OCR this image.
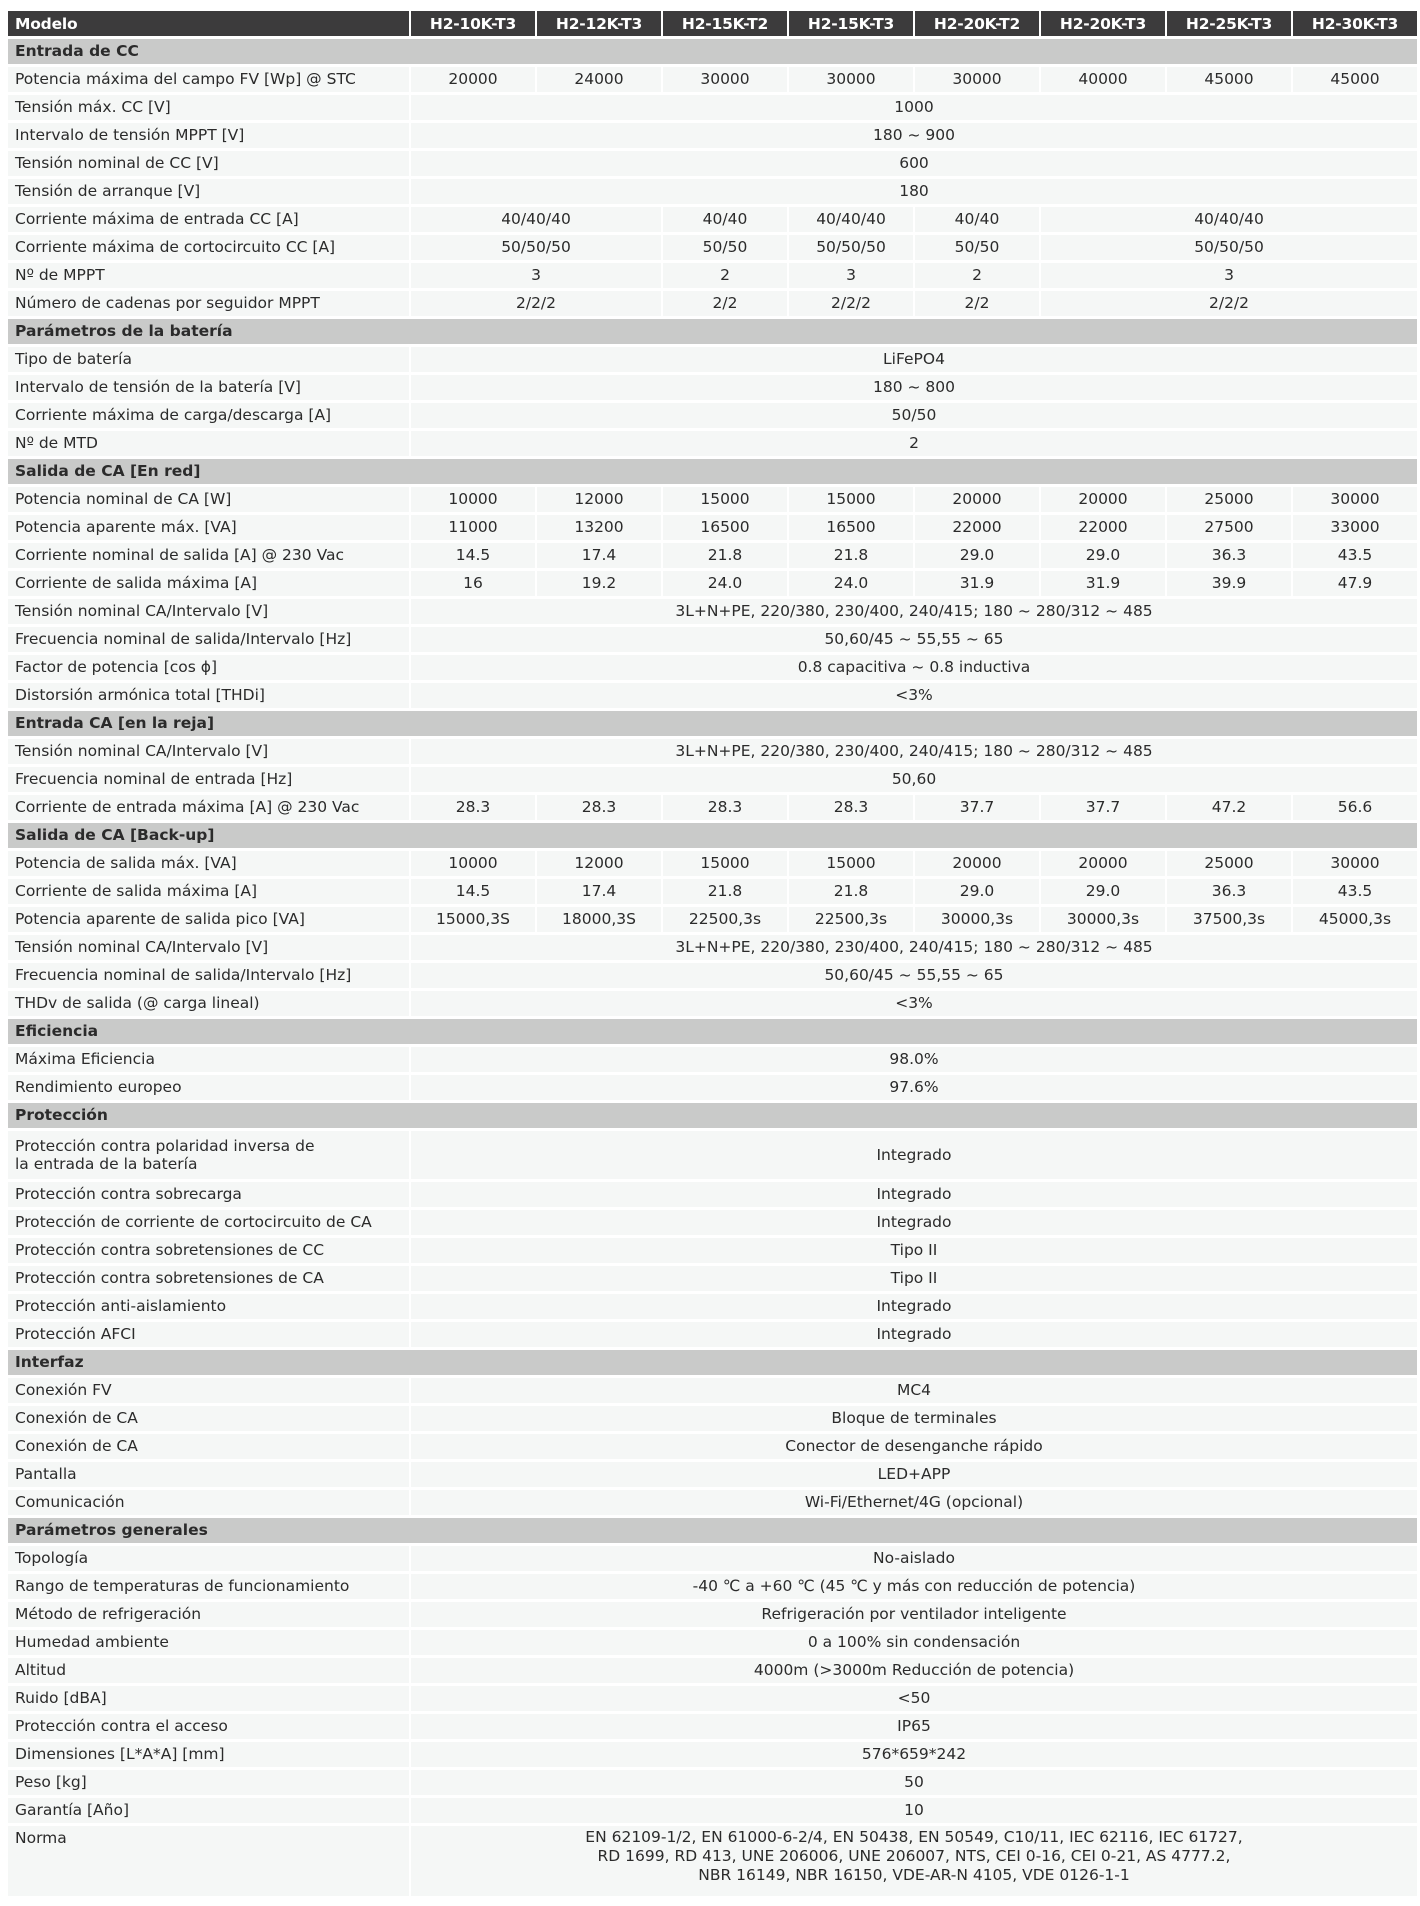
Modelo	H2-10K-T3	H2-12K-T3	H2-15K-T2	H2-15K-T3	H2-20K-T2	H2-20K-T3	H2-25K-T3	H2-30K-T3
Entrada de CC								
Potencia máxima del campo FV [Wp] @ STC	20000	24000	30000	30000	30000	40000	45000	45000
Tensión máx. CC [V]	1000							
Intervalo de tensión MPPT [V]	180 ~ 900							
Tensión nominal de CC [V]	600							
Tensión de arranque [V]	180							
Corriente máxima de entrada CC [A]	40/40/40		40/40	40/40/40	40/40	40/40/40		
Corriente máxima de cortocircuito CC [A]	50/50/50		50/50	50/50/50	50/50	50/50/50		
Nº de MPPT	3		2	3	2	3		
Número de cadenas por seguidor MPPT	2/2/2		2/2	2/2/2	2/2	2/2/2		
Parámetros de la batería								
Tipo de batería	LiFePO4							
Intervalo de tensión de la batería [V]	180 ~ 800							
Corriente máxima de carga/descarga [A]	50/50							
Nº de MTD	2							
Salida de CA [En red]								
Potencia nominal de CA [W]	10000	12000	15000	15000	20000	20000	25000	30000
Potencia aparente máx. [VA]	11000	13200	16500	16500	22000	22000	27500	33000
Corriente nominal de salida [A] @ 230 Vac	14.5	17.4	21.8	21.8	29.0	29.0	36.3	43.5
Corriente de salida máxima [A]	16	19.2	24.0	24.0	31.9	31.9	39.9	47.9
Tensión nominal CA/Intervalo [V]	3L+N+PE, 220/380, 230/400, 240/415; 180 ~ 280/312 ~ 485							
Frecuencia nominal de salida/Intervalo [Hz]	50,60/45 ~ 55,55 ~ 65							
Factor de potencia [cos ϕ]	0.8 capacitiva ~ 0.8 inductiva							
Distorsión armónica total [THDi]	<3%							
Entrada CA [en la reja]								
Tensión nominal CA/Intervalo [V]	3L+N+PE, 220/380, 230/400, 240/415; 180 ~ 280/312 ~ 485							
Frecuencia nominal de entrada [Hz]	50,60							
Corriente de entrada máxima [A] @ 230 Vac	28.3	28.3	28.3	28.3	37.7	37.7	47.2	56.6
Salida de CA [Back-up]								
Potencia de salida máx. [VA]	10000	12000	15000	15000	20000	20000	25000	30000
Corriente de salida máxima [A]	14.5	17.4	21.8	21.8	29.0	29.0	36.3	43.5
Potencia aparente de salida pico [VA]	15000,3S	18000,3S	22500,3s	22500,3s	30000,3s	30000,3s	37500,3s	45000,3s
Tensión nominal CA/Intervalo [V]	3L+N+PE, 220/380, 230/400, 240/415; 180 ~ 280/312 ~ 485							
Frecuencia nominal de salida/Intervalo [Hz]	50,60/45 ~ 55,55 ~ 65							
THDv de salida (@ carga lineal)	<3%							
Eficiencia								
Máxima Eficiencia	98.0%							
Rendimiento europeo	97.6%							
Protección								
Protección contra polaridad inversa de
la entrada de la batería	Integrado							
Protección contra sobrecarga	Integrado							
Protección de corriente de cortocircuito de CA	Integrado							
Protección contra sobretensiones de CC	Tipo II							
Protección contra sobretensiones de CA	Tipo II							
Protección anti-aislamiento	Integrado							
Protección AFCI	Integrado							
Interfaz								
Conexión FV	MC4							
Conexión de CA	Bloque de terminales							
Conexión de CA	Conector de desenganche rápido							
Pantalla	LED+APP							
Comunicación	Wi-Fi/Ethernet/4G (opcional)							
Parámetros generales								
Topología	No-aislado							
Rango de temperaturas de funcionamiento	-40 ℃ a +60 ℃ (45 ℃ y más con reducción de potencia)							
Método de refrigeración	Refrigeración por ventilador inteligente							
Humedad ambiente	0 a 100% sin condensación							
Altitud	4000m (>3000m Reducción de potencia)							
Ruido [dBA]	<50							
Protección contra el acceso	IP65							
Dimensiones [L*A*A] [mm]	576*659*242							
Peso [kg]	50							
Garantía [Año]	10							
Norma	EN 62109-1/2, EN 61000-6-2/4, EN 50438, EN 50549, C10/11, IEC 62116, IEC 61727,
RD 1699, RD 413, UNE 206006, UNE 206007, NTS, CEI 0-16, CEI 0-21, AS 4777.2,
NBR 16149, NBR 16150, VDE-AR-N 4105, VDE 0126-1-1							
